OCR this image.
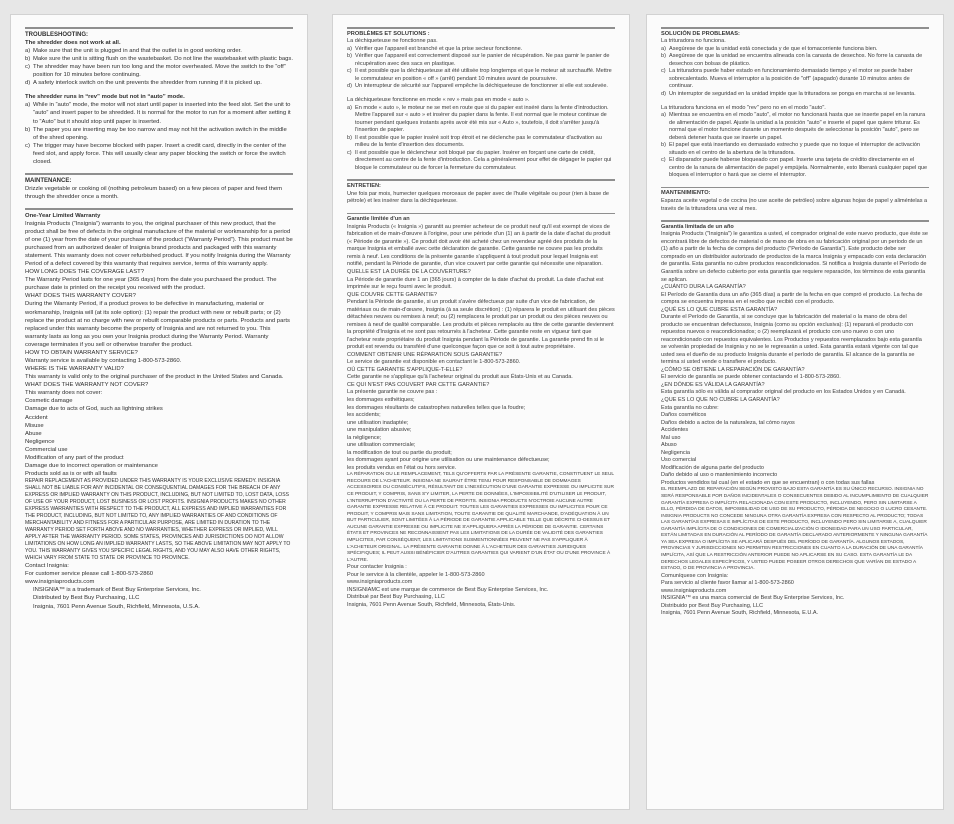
TROUBLESHOOTING:
The shredder does not work at all.
a) Make sure that the unit is plugged in and that the outlet is in good working order.
b) Make sure the unit is sitting flush on the wastebasket. Do not line the wastebasket with plastic bags.
c) The shredder may have been run too long and the motor overheated. Move the switch to the “off” position for 10 minutes before continuing.
d) A safety interlock switch on the unit prevents the shredder from running if it is picked up.
The shredder runs in “rev” mode but not in “auto” mode.
a) While in “auto” mode, the motor will not start until paper is inserted into the feed slot. Set the unit to “auto” and insert paper to be shredded. It is normal for the motor to run for a moment after setting it to “Auto” but it should stop until paper is inserted.
b) The paper you are inserting may be too narrow and may not hit the activation switch in the middle of the shred opening.
c) The trigger may have become blocked with paper. Insert a credit card, directly in the center of the feed slot, and apply force. This will usually clear any paper blocking the switch or force the switch closed.
MAINTENANCE:
Drizzle vegetable or cooking oil (nothing petroleum based) on a few pieces of paper and feed them through the shredder once a month.
One-Year Limited Warranty
Insignia Products (“Insignia”) warrants to you, the original purchaser of this new product, that the product shall be free of defects in the original manufacture of the material or workmanship for a period of one (1) year from the date of your purchase of the product (“Warranty Period”). This product must be purchased from an authorized dealer of Insignia brand products and packaged with this warranty statement. This warranty does not cover refurbished product. If you notify Insignia during the Warranty Period of a defect covered by this warranty that requires service, terms of this warranty apply.
HOW LONG DOES THE COVERAGE LAST?
The Warranty Period lasts for one year (365 days) from the date you purchased the product. The purchase date is printed on the receipt you received with the product.
WHAT DOES THIS WARRANTY COVER?
During the Warranty Period, if a product proves to be defective in manufacturing, material or workmanship, Insignia will (at its sole option): (1) repair the product with new or rebuilt parts; or (2) replace the product at no charge with new or rebuilt comparable products or parts. Products and parts replaced under this warranty become the property of Insignia and are not returned to you. This warranty lasts as long as you own your Insignia product during the Warranty Period. Warranty coverage terminates if you sell or otherwise transfer the product.
HOW TO OBTAIN WARRANTY SERVICE?
Warranty service is available by contacting 1-800-573-2860.
WHERE IS THE WARRANTY VALID?
This warranty is valid only to the original purchaser of the product in the United States and Canada.
WHAT DOES THE WARRANTY NOT COVER?
This warranty does not cover:
Cosmetic damage
Damage due to acts of God, such as lightning strikes
Accident
Misuse
Abuse
Negligence
Commercial use
Modification of any part of the product
Damage due to incorrect operation or maintenance
Products sold as is or with all faults
REPAIR REPLACEMENT AS PROVIDED UNDER THIS WARRANTY IS YOUR EXCLUSIVE REMEDY. INSIGNIA SHALL NOT BE LIABLE FOR ANY INCIDENTAL OR CONSEQUENTIAL DAMAGES FOR THE BREACH OF ANY EXPRESS OR IMPLIED WARRANTY ON THIS PRODUCT, INCLUDING, BUT NOT LIMITED TO, LOST DATA, LOSS OF USE OF YOUR PRODUCT, LOST BUSINESS OR LOST PROFITS. INSIGNIA PRODUCTS MAKES NO OTHER EXPRESS WARRANTIES WITH RESPECT TO THE PRODUCT, ALL EXPRESS AND IMPLIED WARRANTIES FOR THE PRODUCT, INCLUDING, BUT NOT LIMITED TO, ANY IMPLIED WARRANTIES OF AND CONDITIONS OF MERCHANTABILITY AND FITNESS FOR A PARTICULAR PURPOSE, ARE LIMITED IN DURATION TO THE WARRANTY PERIOD SET FORTH ABOVE AND NO WARRANTIES, WHETHER EXPRESS OR IMPLIED, WILL APPLY AFTER THE WARRANTY PERIOD. SOME STATES, PROVINCES AND JURISDICTIONS DO NOT ALLOW LIMITATIONS ON HOW LONG AN IMPLIED WARRANTY LASTS, SO THE ABOVE LIMITATION MAY NOT APPLY TO YOU. THIS WARRANTY GIVES YOU SPECIFIC LEGAL RIGHTS, AND YOU MAY ALSO HAVE OTHER RIGHTS, WHICH VARY FROM STATE TO STATE OR PROVINCE TO PROVINCE.
Contact Insignia:
For customer service please call 1-800-573-2860
www.insigniaproducts.com
INSIGNIA™ is a trademark of Best Buy Enterprise Services, Inc.
Distributed by Best Buy Purchasing, LLC
Insignia, 7601 Penn Avenue South, Richfield, Minnesota, U.S.A.
PROBLÈMES ET SOLUTIONS :
La déchiqueteuse ne fonctionne pas.
a) Vérifier que l'appareil est branché et que la prise secteur fonctionne.
b) Vérifier que l'appareil est correctement disposé sur le panier de récupération. Ne pas garnir le panier de récupération avec des sacs en plastique.
c) Il est possible que la déchiqueteuse ait été utilisée trop longtemps et que le moteur ait surchauffé. Mettre le commutateur en position « off » (arrêt) pendant 10 minutes avant de poursuivre.
d) Un interrupteur de sécurité sur l'appareil empêche la déchiqueteuse de fonctionner si elle est soulevée.
La déchiqueteuse fonctionne en mode « rev » mais pas en mode « auto ».
a) En mode « auto », le moteur ne se met en route que si du papier est inséré dans la fente d'introduction. Mettre l'appareil sur « auto » et insérer du papier dans la fente. Il est normal que le moteur continue de tourner pendant quelques instants après avoir été mis sur « Auto », toutefois, il doit s'arrêter jusqu'à l'insertion de papier.
b) Il est possible que le papier inséré soit trop étroit et ne déclenche pas le commutateur d'activation au milieu de la fente d'insertion des documents.
c) Il est possible que le déclencheur soit bloqué par du papier. Insérer en forçant une carte de crédit, directement au centre de la fente d'introduction. Cela a généralement pour effet de dégager le papier qui bloque le commutateur ou de forcer la fermeture du commutateur.
ENTRETIEN:
Une fois par mois, humecter quelques morceaux de papier avec de l'huile végétale ou pour (rien à base de pétrole) et les insérer dans la déchiqueteuse.
Garantie limitée d'un an
Insignia Products (« Insignia ») garantit au premier acheteur de ce produit neuf qu'il est exempt de vices de fabrication et de main-d'œuvre à l'origine, pour une période d'un (1) an à partir de la date d'achat du produit (« Période de garantie »). Ce produit doit avoir été acheté chez un revendeur agréé des produits de la marque Insignia et emballé avec cette déclaration de garantie. Cette garantie ne couvre pas les produits remis à neuf. Les conditions de la présente garantie s'appliquent à tout produit pour lequel Insignia est notifié, pendant la Période de garantie, d'un vice couvert par cette garantie qui nécessite une réparation.
QUELLE EST LA DURÉE DE LA COUVERTURE?
La Période de garantie dure 1 an (365 jours) à compter de la date d'achat du produit. La date d'achat est imprimée sur le reçu fourni avec le produit.
QUE COUVRE CETTE GARANTIE?
Pendant la Période de garantie, si un produit s'avère défectueux par suite d'un vice de fabrication, de matériaux ou de main-d'œuvre, Insignia (à sa seule discrétion) : (1) réparera le produit en utilisant des pièces détachées neuves ou remises à neuf; ou (2) remplacera le produit par un produit ou des pièces neuves ou remises à neuf de qualité comparable. Les produits et pièces remplacés au titre de cette garantie deviennent la propriété d'Insignia et ne sont pas retournés à l'acheteur. Cette garantie reste en vigueur tant que l'acheteur reste propriétaire du produit Insignia pendant la Période de garantie. La garantie prend fin si le produit est revendu ou transféré d'une quelconque façon que ce soit à tout autre propriétaire.
COMMENT OBTENIR UNE RÉPARATION SOUS GARANTIE?
Le service de garantie est disponible en contactant le 1-800-573-2860.
OÙ CETTE GARANTIE S'APPLIQUE-T-ELLE?
Cette garantie ne s'applique qu'à l'acheteur original du produit aux États-Unis et au Canada.
CE QUI N'EST PAS COUVERT PAR CETTE GARANTIE?
La présente garantie ne couvre pas :
les dommages esthétiques;
les dommages résultants de catastrophes naturelles telles que la foudre;
les accidents;
une utilisation inadaptée;
une manipulation abusive;
la négligence;
une utilisation commerciale;
la modification de tout ou partie du produit;
les dommages ayant pour origine une utilisation ou une maintenance défectueuse;
les produits vendus en l'état ou hors service.
LA RÉPARATION OU LE REMPLACEMENT, TELS QU'OFFERTS PAR LA PRÉSENTE GARANTIE, CONSTITUENT LE SEUL RECOURS DE L'ACHETEUR. INSIGNIA NE SAURAIT ÊTRE TENU POUR RESPONSABLE DE DOMMAGES ACCESSOIRES OU CONSÉCUTIFS, RÉSULTANT DE L'INEXÉCUTION D'UNE GARANTIE EXPRESSE OU IMPLICITE SUR CE PRODUIT, Y COMPRIS, SANS S'Y LIMITER, LA PERTE DE DONNÉES, L'IMPOSSIBILITÉ D'UTILISER LE PRODUIT, L'INTERRUPTION D'ACTIVITÉ OU LA PERTE DE PROFITS. INSIGNIA PRODUCTS N'OCTROIE AUCUNE AUTRE GARANTIE EXPRESSE RELATIVE À CE PRODUIT. TOUTES LES GARANTIES EXPRESSES OU IMPLICITES POUR CE PRODUIT, Y COMPRIS MAIS SANS LIMITATION, TOUTE GARANTIE DE QUALITÉ MARCHANDE, D'ADÉQUATION À UN BUT PARTICULIER, SONT LIMITÉES À LA PÉRIODE DE GARANTIE APPLICABLE TELLE QUE DÉCRITE CI-DESSUS ET AUCUNE GARANTIE EXPRESSE OU IMPLICITE NE S'APPLIQUERA APRÈS LA PÉRIODE DE GARANTIE. CERTAINS ÉTATS ET PROVINCES NE RECONNAISSENT PAS LES LIMITATIONS DE LA DURÉE DE VALIDITÉ DES GARANTIES IMPLICITES, PAR CONSÉQUENT, LES LIMITATIONS SUSMENTIONNÉES PEUVENT NE PAS S'APPLIQUER À L'ACHETEUR ORIGINAL. LA PRÉSENTE GARANTIE DONNE À L'ACHETEUR DES GARANTIES JURIDIQUES SPÉCIFIQUES; IL PEUT AUSSI BÉNÉFICIER D'AUTRES GARANTIES QUI VARIENT D'UN ÉTAT OU D'UNE PROVINCE À L'AUTRE.
Pour contacter Insignia :
Pour le service à la clientèle, appeler le 1-800-573-2860
www.insigniaproducts.com
INSIGNIAMC est une marque de commerce de Best Buy Enterprise Services, Inc.
Distribué par Best Buy Purchasing, LLC
Insignia, 7601 Penn Avenue South, Richfield, Minnesota, États-Unis.
SOLUCIÓN DE PROBLEMAS:
La trituradora no funciona.
a) Asegúrese de que la unidad está conectada y de que el tomacorriente funciona bien.
b) Asegúrese de que la unidad se encuentra alineada con la canasta de desechos. No forre la canasta de desechos con bolsas de plástico.
c) La trituradora puede haber estado en funcionamiento demasiado tiempo y el motor se puede haber sobrecalentado. Mueva el interruptor a la posición de "off" (apagado) durante 10 minutos antes de continuar.
d) Un interruptor de seguridad en la unidad impide que la trituradora se ponga en marcha si se levanta.
La trituradora funciona en el modo "rev" pero no en el modo "auto".
a) Mientras se encuentra en el modo "auto", el motor no funcionará hasta que se inserte papel en la ranura de alimentación de papel. Ajuste la unidad a la posición "auto" e inserte el papel que quiere triturar. Es normal que el motor funcione durante un momento después de seleccionar la posición "auto", pero se deberá detener hasta que se inserte un papel.
b) El papel que está insertando es demasiado estrecho y puede que no toque el interruptor de activación situado en el centro de la abertura de la trituradora.
c) El disparador puede haberse bloqueado con papel. Inserte una tarjeta de crédito directamente en el centro de la ranura de alimentación de papel y empújela. Normalmente, esto liberará cualquier papel que bloquea el interruptor o hará que se cierre el interruptor.
MANTENIMIENTO:
Esparza aceite vegetal o de cocina (no use aceite de petróleo) sobre algunas hojas de papel y aliméntelas a través de la trituradora una vez al mes.
Garantía limitada de un año
Insignia Products ("Insignia") le garantiza a usted, el comprador original de este nuevo producto, que éste se encontrará libre de defectos de material o de mano de obra en su fabricación original por un periodo de un (1) año a partir de la fecha de compra del producto ("Período de Garantía"). Este producto debe ser comprado en un distribuidor autorizado de productos de la marca Insignia y empacado con esta declaración de garantía. Esta garantía no cubre productos reacondicionados. Si notifica a Insignia durante el Período de Garantía sobre un defecto cubierto por esta garantía que requiere reparación, los términos de esta garantía se aplican.
¿CUÁNTO DURA LA GARANTÍA?
El Período de Garantía dura un año (365 días) a partir de la fecha en que compró el producto. La fecha de compra se encuentra impresa en el recibo que recibió con el producto.
¿QUÉ ES LO QUE CUBRE ESTA GARANTÍA?
Durante el Período de Garantía, si se concluye que la fabricación del material o la mano de obra del producto se encuentran defectuosos, Insignia (como su opción exclusiva): (1) reparará el producto con repuestos nuevos o reacondicionados; o (2) reemplazará el producto con uno nuevo o con uno reacondicionado con repuestos equivalentes. Los Productos y repuestos reemplazados bajo esta garantía se volverán propiedad de Insignia y no se le regresarán a usted. Esta garantía estará vigente con tal que usted sea el dueño de su producto Insignia durante el período de garantía. El alcance de la garantía se termina si usted vende o transfiere el producto.
¿CÓMO SE OBTIENE LA REPARACIÓN DE GARANTÍA?
El servicio de garantía se puede obtener contactando el 1-800-573-2860.
¿EN DÓNDE ES VÁLIDA LA GARANTÍA?
Esta garantía sólo es válida al comprador original del producto en los Estados Unidos y en Canadá.
¿QUE ES LO QUE NO CUBRE LA GARANTÍA?
Esta garantía no cubre:
Daños cosméticos
Daños debido a actos de la naturaleza, tal cómo rayos
Accidentes
Mal uso
Abuso
Negligencia
Uso comercial
Modificación de alguna parte del producto
Daño debido al uso o mantenimiento incorrecto
Productos vendidos tal cual (en el estado en que se encuentran) o con todas sus fallas
EL REEMPLAZO DE REPARACIÓN SEGÚN PROVISTO BAJO ESTA GARANTÍA ES SU ÚNICO RECURSO. INSIGNIA NO SERÁ RESPONSABLE POR DAÑOS INCIDENTALES O CONSECUENTES DEBIDO AL INCUMPLIMIENTO DE CUALQUIER GARANTÍA EXPRESA O IMPLÍCITA RELACIONADA CON ESTE PRODUCTO, INCLUYENDO, PERO SIN LIMITARSE A ELLO, PÉRDIDA DE DATOS, IMPOSIBILIDAD DE USO DE SU PRODUCTO, PÉRDIDA DE NEGOCIO O LUCRO CESANTE. INSIGNIA PRODUCTS NO CONCEDE NINGUNA OTRA GARANTÍA EXPRESA CON RESPECTO AL PRODUCTO; TODAS LAS GARANTÍAS EXPRESAS E IMPLÍCITAS DE ESTE PRODUCTO, INCLUYENDO PERO SIN LIMITARSE A, CUALQUIER GARANTÍA IMPLÍCITA DE O CONDICIONES DE COMERCIALIZACIÓN O IDONEIDAD PARA UN USO PARTICULAR, ESTÁN LIMITADAS EN DURACIÓN AL PERÍODO DE GARANTÍA DECLARADO ANTERIORMENTE Y NINGUNA GARANTÍA YA SEA EXPRESA O IMPLÍCITA SE APLICARÁ DESPUÉS DEL PERÍODO DE GARANTÍA. ALGUNOS ESTADOS, PROVINCIAS Y JURISDICCIONES NO PERMITEN RESTRICCIONES EN CUANTO A LA DURACIÓN DE UNA GARANTÍA IMPLÍCITA, ASÍ QUE LA RESTRICCIÓN ANTERIOR PUEDE NO APLICARSE EN SU CASO. ESTA GARANTÍA LE DA DERECHOS LEGALES ESPECÍFICOS, Y USTED PUEDE POSEER OTROS DERECHOS QUE VARÍAN DE ESTADO A ESTADO, O DE PROVINCIA A PROVINCIA.
Comuníquese con Insignia:
Para servicio al cliente favor llamar al 1-800-573-2860
www.insigniaproducts.com
INSIGNIA™ es una marca comercial de Best Buy Enterprise Services, Inc.
Distribuido por Best Buy Purchasing, LLC
Insignia, 7601 Penn Avenue South, Richfield, Minnesota, E.U.A.
